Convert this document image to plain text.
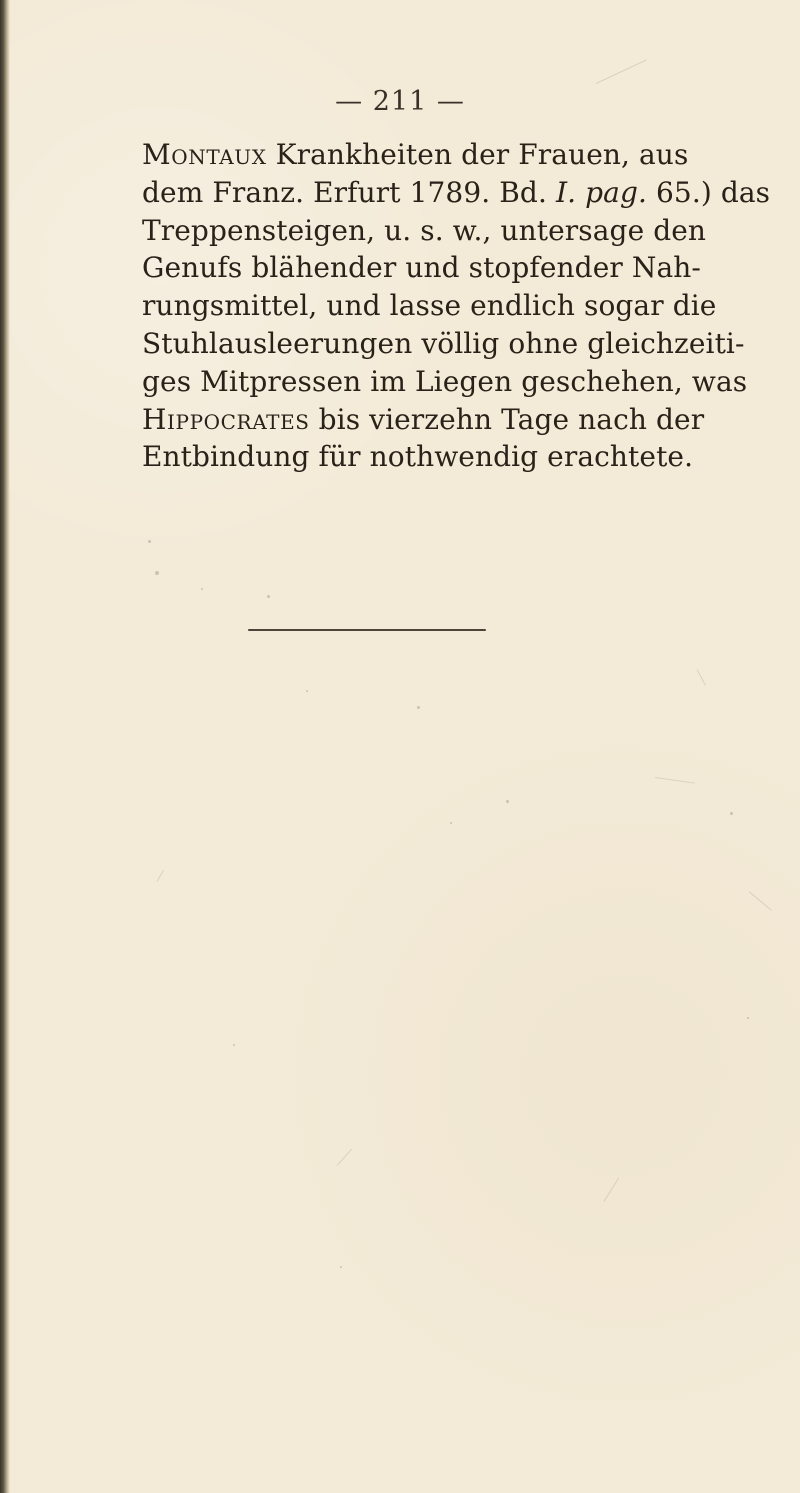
— 211 —
Montaux Krankheiten der Frauen, aus
dem Franz. Erfurt 1789. Bd. I. pag. 65.) das
Treppensteigen, u. s. w., untersage den
Genufs blähender und stopfender Nah-
rungsmittel, und lasse endlich sogar die
Stuhlausleerungen völlig ohne gleichzeiti-
ges Mitpressen im Liegen geschehen, was
Hippocrates bis vierzehn Tage nach der
Entbindung für nothwendig erachtete.
